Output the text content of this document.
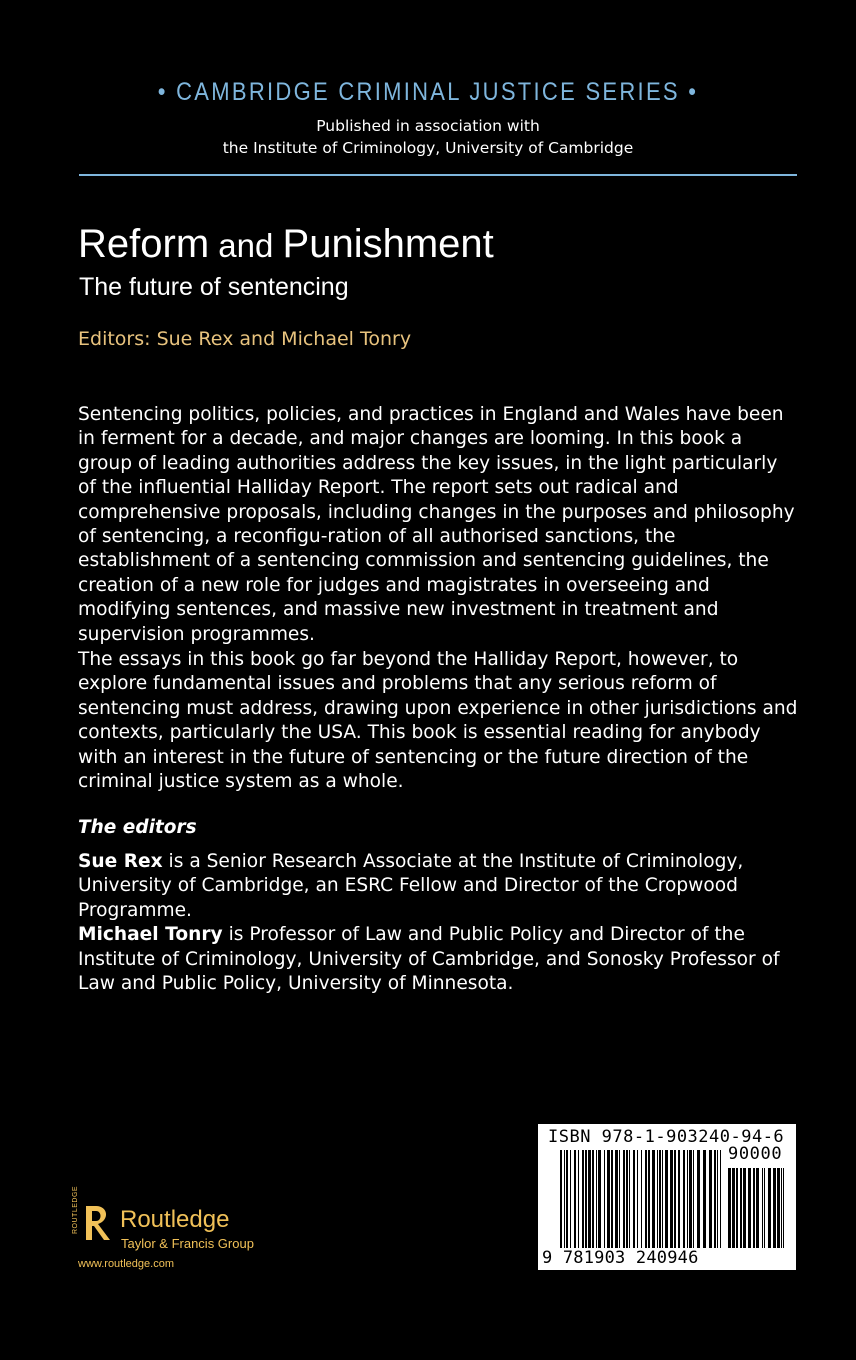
• CAMBRIDGE CRIMINAL JUSTICE SERIES •
Published in association with
the Institute of Criminology, University of Cambridge
Reform and Punishment
The future of sentencing
Editors: Sue Rex and Michael Tonry

Sentencing politics, policies, and practices in England and Wales have been in ferment for a decade, and major changes are looming. In this book a group of leading authorities address the key issues, in the light particularly of the influential Halliday Report. The report sets out radical and comprehensive proposals, including changes in the purposes and philosophy of sentencing, a reconfigu-ration of all authorised sanctions, the establishment of a sentencing commission and sentencing guidelines, the creation of a new role for judges and magistrates in overseeing and modifying sentences, and massive new investment in treatment and supervision programmes.

The essays in this book go far beyond the Halliday Report, however, to explore fundamental issues and problems that any serious reform of sentencing must address, drawing upon experience in other jurisdictions and contexts, particularly the USA. This book is essential reading for anybody with an interest in the future of sentencing or the future direction of the criminal justice system as a whole.

The editors

Sue Rex is a Senior Research Associate at the Institute of Criminology, University of Cambridge, an ESRC Fellow and Director of the Cropwood Programme.
Michael Tonry is Professor of Law and Public Policy and Director of the Institute of Criminology, University of Cambridge, and Sonosky Professor of Law and Public Policy, University of Minnesota.

ROUTLEDGE Routledge
Taylor & Francis Group
www.routledge.com
ISBN 978-1-903240-94-6
90000
9 781903 240946
